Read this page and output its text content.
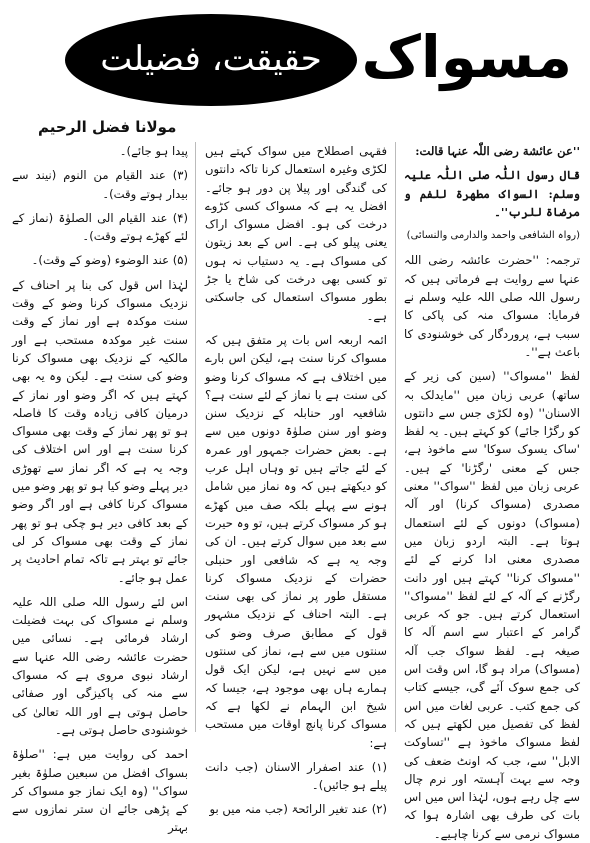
حقیقت، فضیلت مسواک
مولانا فضل الرحیم

''عن عائشة رضی اللّٰہ عنہا قالت:

قال رسول اللّٰہ صلی اللّٰہ علیہ وسلم: السواک مطھرۃ للفم و مرضاۃ للرب''۔

(رواہ الشافعی واحمد والدارمی والنسائی)

ترجمہ: ''حضرت عائشہ رضی اللہ عنہا سے روایت ہے فرماتی ہیں کہ رسول اللہ صلی اللہ علیہ وسلم نے فرمایا: مسواک منہ کی پاکی کا سبب ہے، پروردگار کی خوشنودی کا باعث ہے''۔

لفظ ''مسواک'' (سین کی زیر کے ساتھ) عربی زبان میں ''مایدلک بہ الاسنان'' (وہ لکڑی جس سے دانتوں کو رگڑا جائے) کو کہتے ہیں۔ یہ لفظ 'ساک یسوک سوکا' سے ماخوذ ہے، جس کے معنی 'رگڑنا' کے ہیں۔ عربی زبان میں لفظ ''سواک'' معنی مصدری (مسواک کرنا) اور آلہ (مسواک) دونوں کے لئے استعمال ہوتا ہے۔ البتہ اردو زبان میں مصدری معنی ادا کرنے کے لئے ''مسواک کرنا'' کہتے ہیں اور دانت رگڑنے کے آلہ کے لئے لفظ ''مسواک'' استعمال کرتے ہیں۔ جو کہ عربی گرامر کے اعتبار سے اسم آلہ کا صیغہ ہے۔ لفظ سواک جب آلہ (مسواک) مراد ہو گا، اس وقت اس کی جمع سوک آئے گی، جیسے کتاب کی جمع کتب۔ عربی لغات میں اس لفظ کی تفصیل میں لکھتے ہیں کہ لفظ مسواک ماخوذ ہے ''تساوکت الابل'' سے، جب کہ اونٹ ضعف کی وجہ سے بہت آہستہ اور نرم چال سے چل رہے ہوں، لہٰذا اس میں اس بات کی طرف بھی اشارہ ہوا کہ مسواک نرمی سے کرنا چاہیے۔

فقہی اصطلاح میں سواک کہتے ہیں لکڑی وغیرہ استعمال کرنا تاکہ دانتوں کی گندگی اور پیلا پن دور ہو جائے۔ افضل یہ ہے کہ مسواک کسی کڑوے درخت کی ہو۔ افضل مسواک اراک یعنی پیلو کی ہے۔ اس کے بعد زیتون کی مسواک ہے۔ یہ دستیاب نہ ہوں تو کسی بھی درخت کی شاخ یا جڑ بطور مسواک استعمال کی جاسکتی ہے۔

ائمہ اربعہ اس بات پر متفق ہیں کہ مسواک کرنا سنت ہے، لیکن اس بارے میں اختلاف ہے کہ مسواک کرنا وضو کی سنت ہے یا نماز کے لئے سنت ہے؟ شافعیہ اور حنابلہ کے نزدیک سنن وضو اور سنن صلوٰۃ دونوں میں سے ہے۔ بعض حضرات جمہور اور عمرہ کے لئے جاتے ہیں تو وہاں اہل عرب کو دیکھتے ہیں کہ وہ نماز میں شامل ہونے سے پہلے بلکہ صف میں کھڑے ہو کر مسواک کرتے ہیں، تو وہ حیرت سے بعد میں سوال کرتے ہیں۔ ان کی وجہ یہ ہے کہ شافعی اور حنبلی حضرات کے نزدیک مسواک کرنا مستقل طور پر نماز کی بھی سنت ہے۔ البتہ احناف کے نزدیک مشہور قول کے مطابق صرف وضو کی سنتوں میں سے ہے، نماز کی سنتوں میں سے نہیں ہے، لیکن ایک قول ہمارے ہاں بھی موجود ہے، جیسا کہ شیخ ابن الہمام نے لکھا ہے کہ مسواک کرنا پانچ اوقات میں مستحب ہے:

(۱) عند اصفرار الاسنان (جب دانت پیلے ہو جائیں)۔

(۲) عند تغیر الرائحۃ (جب منہ میں بو

پیدا ہو جائے)۔

(۳) عند القیام من النوم (نیند سے بیدار ہوتے وقت)۔

(۴) عند القیام الی الصلوٰۃ (نماز کے لئے کھڑے ہوتے وقت)۔

(۵) عند الوضوء (وضو کے وقت)۔

لہٰذا اس قول کی بنا پر احناف کے نزدیک مسواک کرنا وضو کے وقت سنت موکدہ ہے اور نماز کے وقت سنت غیر موکدہ مستحب ہے اور مالکیہ کے نزدیک بھی مسواک کرنا وضو کی سنت ہے۔ لیکن وہ یہ بھی کہتے ہیں کہ اگر وضو اور نماز کے درمیان کافی زیادہ وقت کا فاصلہ ہو تو پھر نماز کے وقت بھی مسواک کرنا سنت ہے اور اس اختلاف کی وجہ یہ ہے کہ اگر نماز سے تھوڑی دیر پہلے وضو کیا ہو تو پھر وضو میں مسواک کرنا کافی ہے اور اگر وضو کے بعد کافی دیر ہو چکی ہو تو پھر نماز کے وقت بھی مسواک کر لی جائے تو بہتر ہے تاکہ تمام احادیث پر عمل ہو جائے۔

اس لئے رسول اللہ صلی اللہ علیہ وسلم نے مسواک کی بہت فضیلت ارشاد فرمائی ہے۔ نسائی میں حضرت عائشہ رضی اللہ عنہا سے ارشاد نبوی مروی ہے کہ مسواک سے منہ کی پاکیزگی اور صفائی حاصل ہوتی ہے اور اللہ تعالیٰ کی خوشنودی حاصل ہوتی ہے۔

احمد کی روایت میں ہے: ''صلوٰۃ بسواک افضل من سبعین صلوٰۃ بغیر سواک'' (وہ ایک نماز جو مسواک کر کے پڑھی جائے ان ستر نمازوں سے بہتر
